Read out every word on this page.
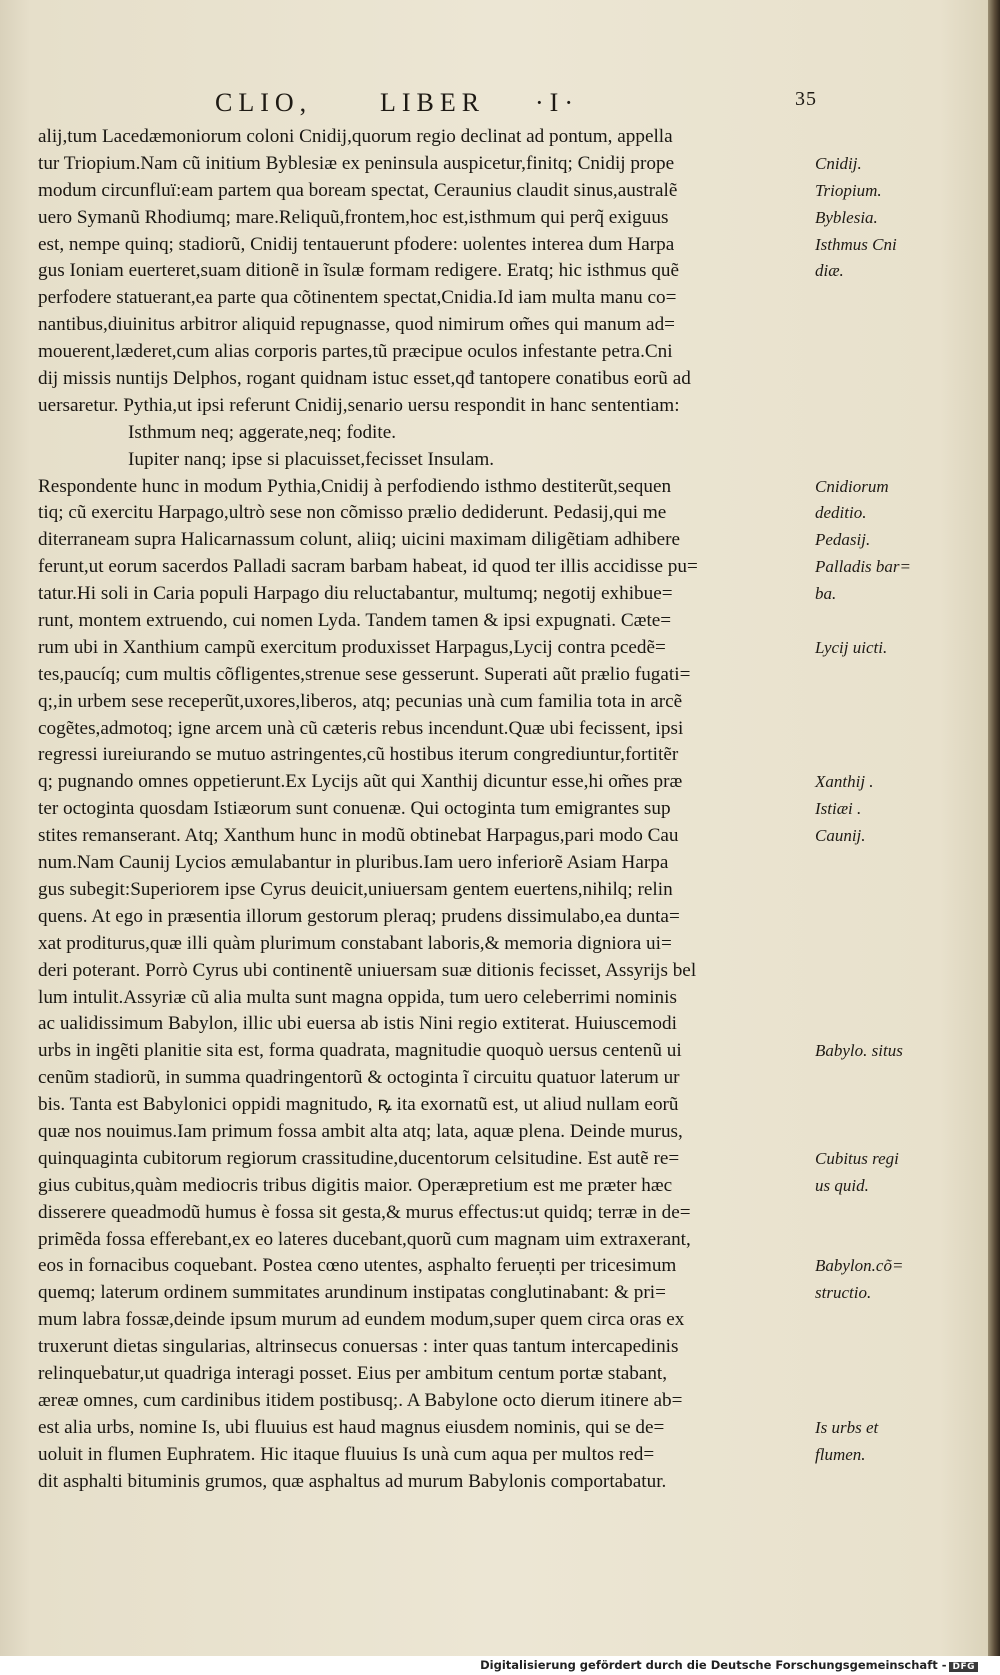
CLIO,	LIBER ·I·	35
alij,tum Lacedæmoniorum coloni Cnidij,quorum regio declinat ad pontum, appella
tur Triopium.Nam cũ initium Byblesiæ ex peninsula auspicetur,finitq; Cnidij prope
modum circunfluï:eam partem qua boream spectat, Ceraunius claudit sinus,australẽ
uero Symanũ Rhodiumq; mare.Reliquũ,frontem,hoc est,isthmum qui perq̃ exiguus
est, nempe quinq; stadiorũ, Cnidij tentauerunt pfodere: uolentes interea dum Harpa
gus Ioniam euerteret,suam ditionẽ in ĩsulæ formam redigere. Eratq; hic isthmus quẽ
perfodere statuerant,ea parte qua cõtinentem spectat,Cnidia.Id iam multa manu co=
nantibus,diuinitus arbitror aliquid repugnasse, quod nimirum om̃es qui manum ad=
mouerent,læderet,cum alias corporis partes,tũ præcipue oculos infestante petra.Cni
dij missis nuntijs Delphos, rogant quidnam istuc esset,qđ tantopere conatibus eorũ ad
uersaretur. Pythia,ut ipsi referunt Cnidij,senario uersu respondit in hanc sententiam:
Isthmum neq; aggerate,neq; fodite.
Iupiter nanq; ipse si placuisset,fecisset Insulam.
Respondente hunc in modum Pythia,Cnidij à perfodiendo isthmo destiterũt,sequen
tiq; cũ exercitu Harpago,ultrò sese non cõmisso prælio dediderunt. Pedasij,qui me
diterraneam supra Halicarnassum colunt, aliiq; uicini maximam diligẽtiam adhibere
ferunt,ut eorum sacerdos Palladi sacram barbam habeat, id quod ter illis accidisse pu=
tatur.Hi soli in Caria populi Harpago diu reluctabantur, multumq; negotij exhibue=
runt, montem extruendo, cui nomen Lyda. Tandem tamen & ipsi expugnati. Cæte=
rum ubi in Xanthium campũ exercitum produxisset Harpagus,Lycij contra pcedẽ=
tes,paucíq; cum multis cõfligentes,strenue sese gesserunt. Superati aũt prælio fugati=
q;,in urbem sese receperũt,uxores,liberos, atq; pecunias unà cum familia tota in arcẽ
cogẽtes,admotoq; igne arcem unà cũ cæteris rebus incendunt.Quæ ubi fecissent, ipsi
regressi iureiurando se mutuo astringentes,cũ hostibus iterum congrediuntur,fortitẽr
q; pugnando omnes oppetierunt.Ex Lycijs aũt qui Xanthij dicuntur esse,hi om̃es præ
ter octoginta quosdam Istiæorum sunt conuenæ. Qui octoginta tum emigrantes sup
stites remanserant. Atq; Xanthum hunc in modũ obtinebat Harpagus,pari modo Cau
num.Nam Caunij Lycios æmulabantur in pluribus.Iam uero inferiorẽ Asiam Harpa
gus subegit:Superiorem ipse Cyrus deuicit,uniuersam gentem euertens,nihilq; relin
quens. At ego in præsentia illorum gestorum pleraq; prudens dissimulabo,ea dunta=
xat proditurus,quæ illi quàm plurimum constabant laboris,& memoria digniora ui=
deri poterant. Porrò Cyrus ubi continentẽ uniuersam suæ ditionis fecisset, Assyrijs bel
lum intulit.Assyriæ cũ alia multa sunt magna oppida, tum uero celeberrimi nominis
ac ualidissimum Babylon, illic ubi euersa ab istis Nini regio extiterat. Huiuscemodi
urbs in ingẽti planitie sita est, forma quadrata, magnitudie quoquò uersus centenũ ui
cenũm stadiorũ, in summa quadringentorũ & octoginta ĩ circuitu quatuor laterum ur
bis. Tanta est Babylonici oppidi magnitudo, ꝶ ita exornatũ est, ut aliud nullam eorũ
quæ nos nouimus.Iam primum fossa ambit alta atq; lata, aquæ plena. Deinde murus,
quinquaginta cubitorum regiorum crassitudine,ducentorum celsitudine. Est autẽ re=
gius cubitus,quàm mediocris tribus digitis maior. Operæpretium est me præter hæc
disserere queadmodũ humus è fossa sit gesta,& murus effectus:ut quidq; terræ in de=
primẽda fossa efferebant,ex eo lateres ducebant,quorũ cum magnam uim extraxerant,
eos in fornacibus coquebant. Postea cœno utentes, asphalto ferueņti per tricesimum
quemq; laterum ordinem summitates arundinum instipatas conglutinabant: & pri=
mum labra fossæ,deinde ipsum murum ad eundem modum,super quem circa oras ex
truxerunt dietas singularias, altrinsecus conuersas : inter quas tantum intercapedinis
relinquebatur,ut quadriga interagi posset. Eius per ambitum centum portæ stabant,
æreæ omnes, cum cardinibus itidem postibusq;. A Babylone octo dierum itinere ab=
est alia urbs, nomine Is, ubi fluuius est haud magnus eiusdem nominis, qui se de=
uoluit in flumen Euphratem. Hic itaque fluuius Is unà cum aqua per multos red=
dit asphalti bituminis grumos, quæ asphaltus ad murum Babylonis comportabatur.
Cnidij.
Triopium.
Byblesia.
Isthmus Cni
diæ.
Cnidiorum
deditio.
Pedasij.
Palladis bar=
ba.
Lycij uicti.
Xanthij .
Istiæi .
Caunij.
Babylo. situs
Cubitus regi
us quid.
Babylon.cõ=
structio.
Is urbs et
flumen.
Digitalisierung gefördert durch die Deutsche Forschungsgemeinschaft - DFG
